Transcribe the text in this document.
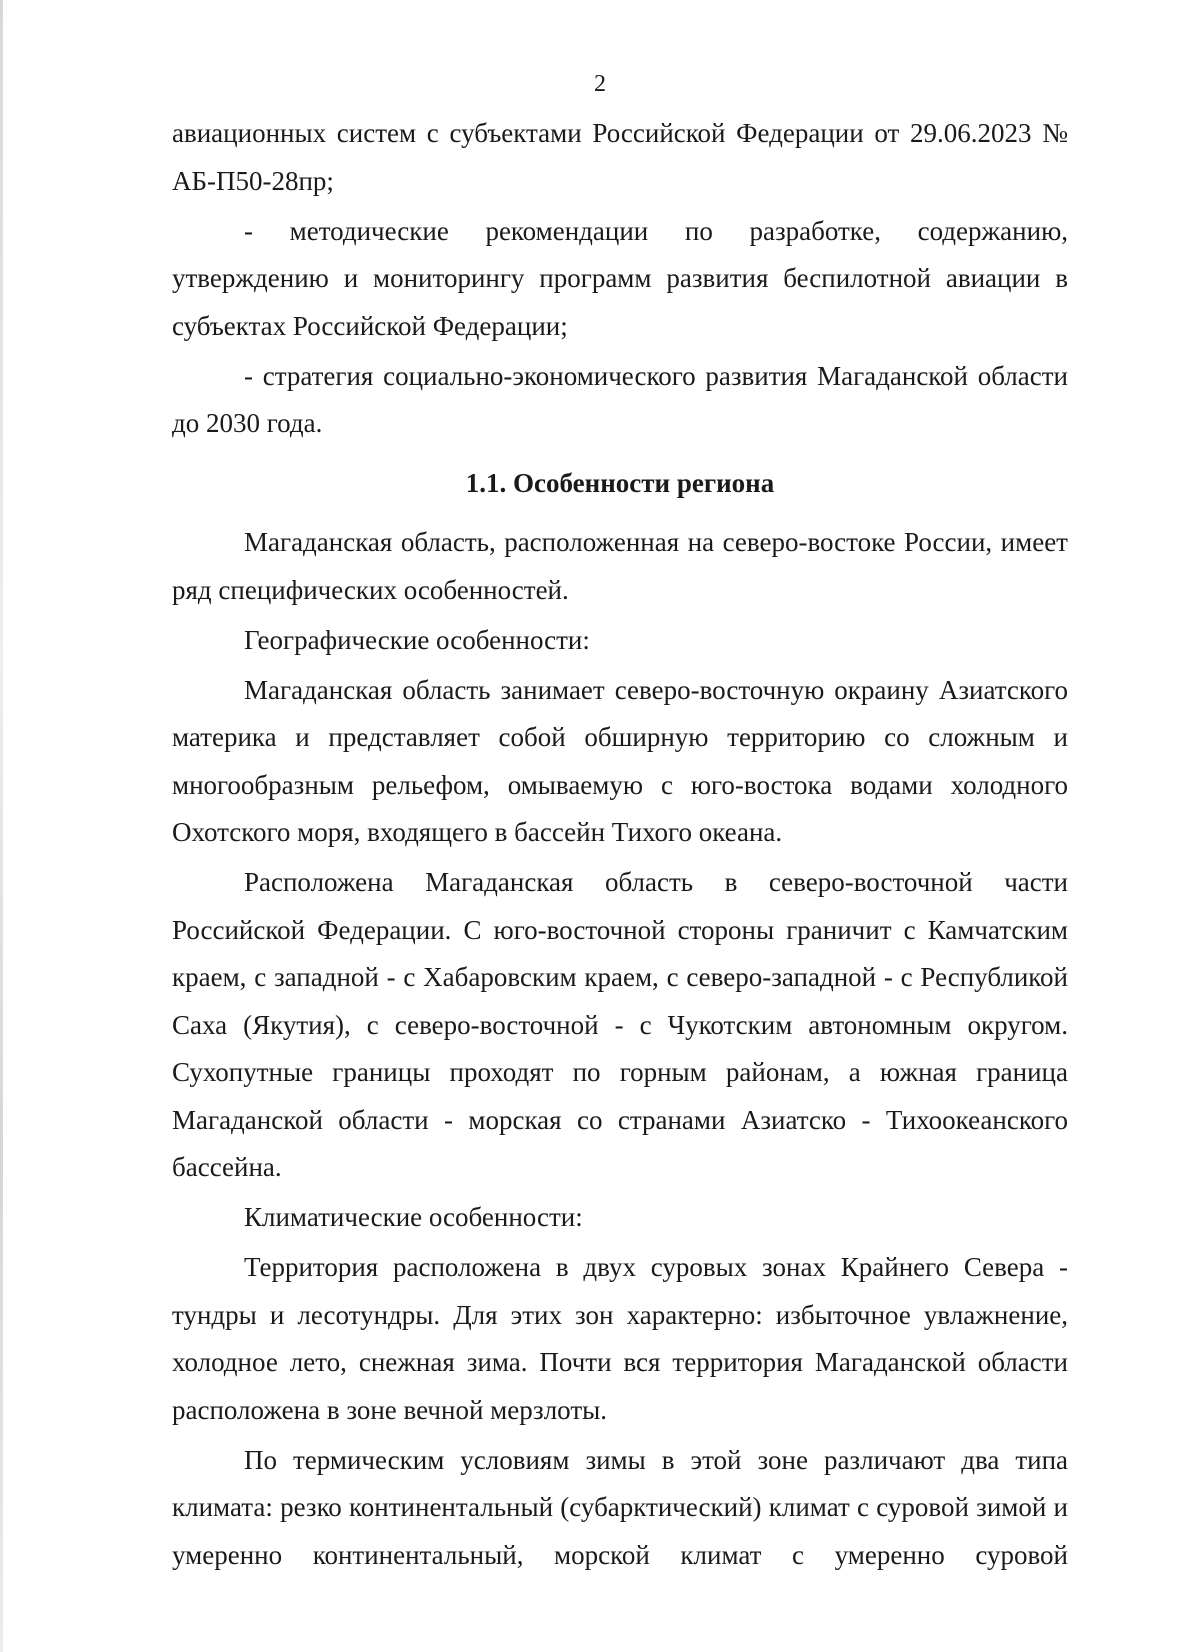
2

авиационных систем с субъектами Российской Федерации от 29.06.2023 № АБ-П50-28пр;

- методические рекомендации по разработке, содержанию, утверждению и мониторингу программ развития беспилотной авиации в субъектах Российской Федерации;

- стратегия социально-экономического развития Магаданской области до 2030 года.

1.1. Особенности региона

Магаданская область, расположенная на северо-востоке России, имеет ряд специфических особенностей.

Географические особенности:

Магаданская область занимает северо-восточную окраину Азиатского материка и представляет собой обширную территорию со сложным и многообразным рельефом, омываемую с юго-востока водами холодного Охотского моря, входящего в бассейн Тихого океана.

Расположена Магаданская область в северо-восточной части Российской Федерации. С юго-восточной стороны граничит с Камчатским краем, с западной - с Хабаровским краем, с северо-западной - с Республикой Саха (Якутия), с северо-восточной - с Чукотским автономным округом. Сухопутные границы проходят по горным районам, а южная граница Магаданской области - морская со странами Азиатско - Тихоокеанского бассейна.

Климатические особенности:

Территория расположена в двух суровых зонах Крайнего Севера - тундры и лесотундры. Для этих зон характерно: избыточное увлажнение, холодное лето, снежная зима. Почти вся территория Магаданской области расположена в зоне вечной мерзлоты.

По термическим условиям зимы в этой зоне различают два типа климата: резко континентальный (субарктический) климат с суровой зимой и умеренно континентальный, морской климат с умеренно суровой
